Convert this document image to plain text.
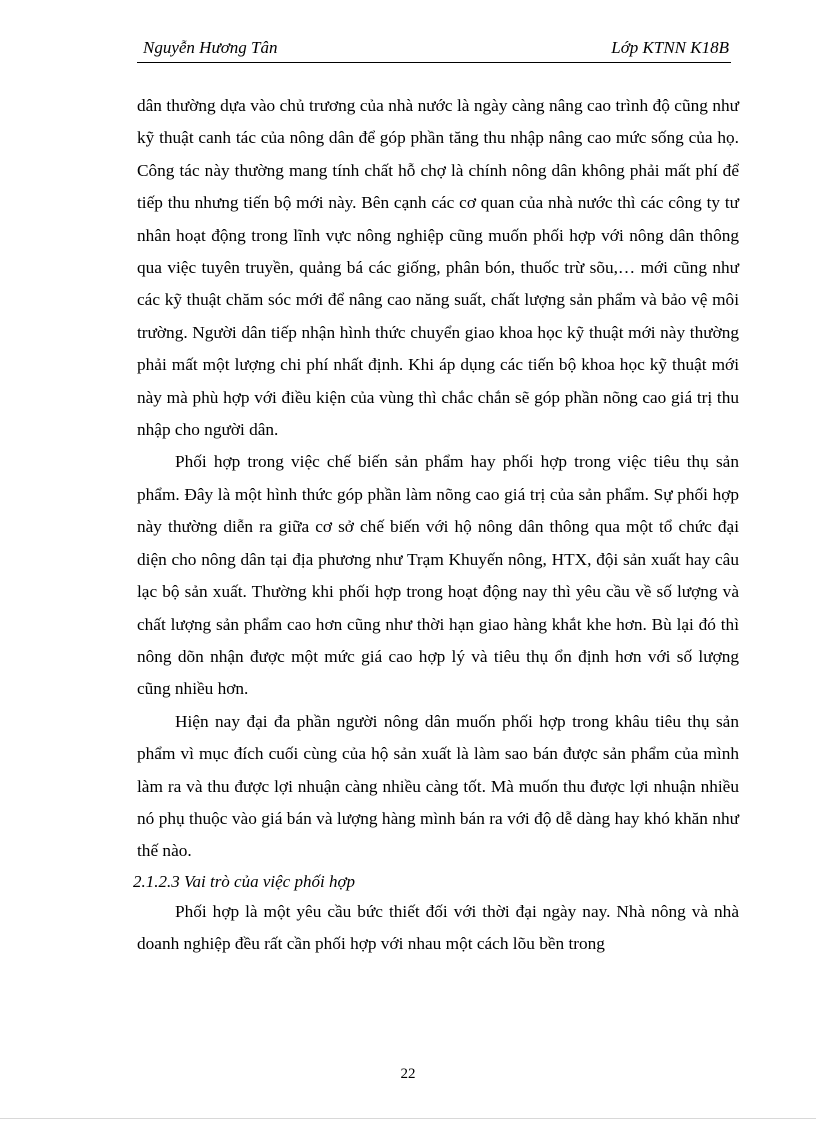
Nguyễn Hương Tân	Lớp KTNN K18B

dân thường dựa vào chủ trương của nhà nước là ngày càng nâng cao trình độ cũng như kỹ thuật canh tác của nông dân để góp phần tăng thu nhập nâng cao mức sống của họ. Công tác này thường mang tính chất hỗ chợ là chính nông dân không phải mất phí để tiếp thu nhưng tiến bộ mới này. Bên cạnh các cơ quan của nhà nước thì các công ty tư nhân hoạt động trong lĩnh vực nông nghiệp cũng muốn phối hợp với nông dân thông qua việc tuyên truyền, quảng bá các giống, phân bón, thuốc trừ sõu,… mới cũng như các kỹ thuật chăm sóc mới để nâng cao năng suất, chất lượng sản phẩm và bảo vệ môi trường. Người dân tiếp nhận hình thức chuyển giao khoa học kỹ thuật mới này thường phải mất một lượng chi phí nhất định. Khi áp dụng các tiến bộ khoa học kỹ thuật mới này mà phù hợp với điều kiện của vùng thì chắc chắn sẽ góp phần nõng cao giá trị thu nhập cho người dân.

Phối hợp trong việc chế biến sản phẩm hay phối hợp trong việc tiêu thụ sản phẩm. Đây là một hình thức góp phần làm nõng cao giá trị của sản phẩm. Sự phối hợp này thường diễn ra giữa cơ sở chế biến với hộ nông dân thông qua một tổ chức đại diện cho nông dân tại địa phương như Trạm Khuyến nông, HTX, đội sản xuất hay câu lạc bộ sản xuất. Thường khi phối hợp trong hoạt động nay thì yêu cầu về số lượng và chất lượng sản phẩm cao hơn cũng như thời hạn giao hàng khắt khe hơn. Bù lại đó thì nông dõn nhận được một mức giá cao hợp lý và tiêu thụ ổn định hơn với số lượng cũng nhiều hơn.

Hiện nay đại đa phần người nông dân muốn phối hợp trong khâu tiêu thụ sản phẩm vì mục đích cuối cùng của hộ sản xuất là làm sao bán được sản phẩm của mình làm ra và thu được lợi nhuận càng nhiều càng tốt. Mà muốn thu được lợi nhuận nhiều nó phụ thuộc vào giá bán và lượng hàng mình bán ra với độ dễ dàng hay khó khăn như thế nào.

2.1.2.3 Vai trò của việc phối hợp

Phối hợp là một yêu cầu bức thiết đối với thời đại ngày nay. Nhà nông và nhà doanh nghiệp đều rất cần phối hợp với nhau một cách lõu bền trong

22
